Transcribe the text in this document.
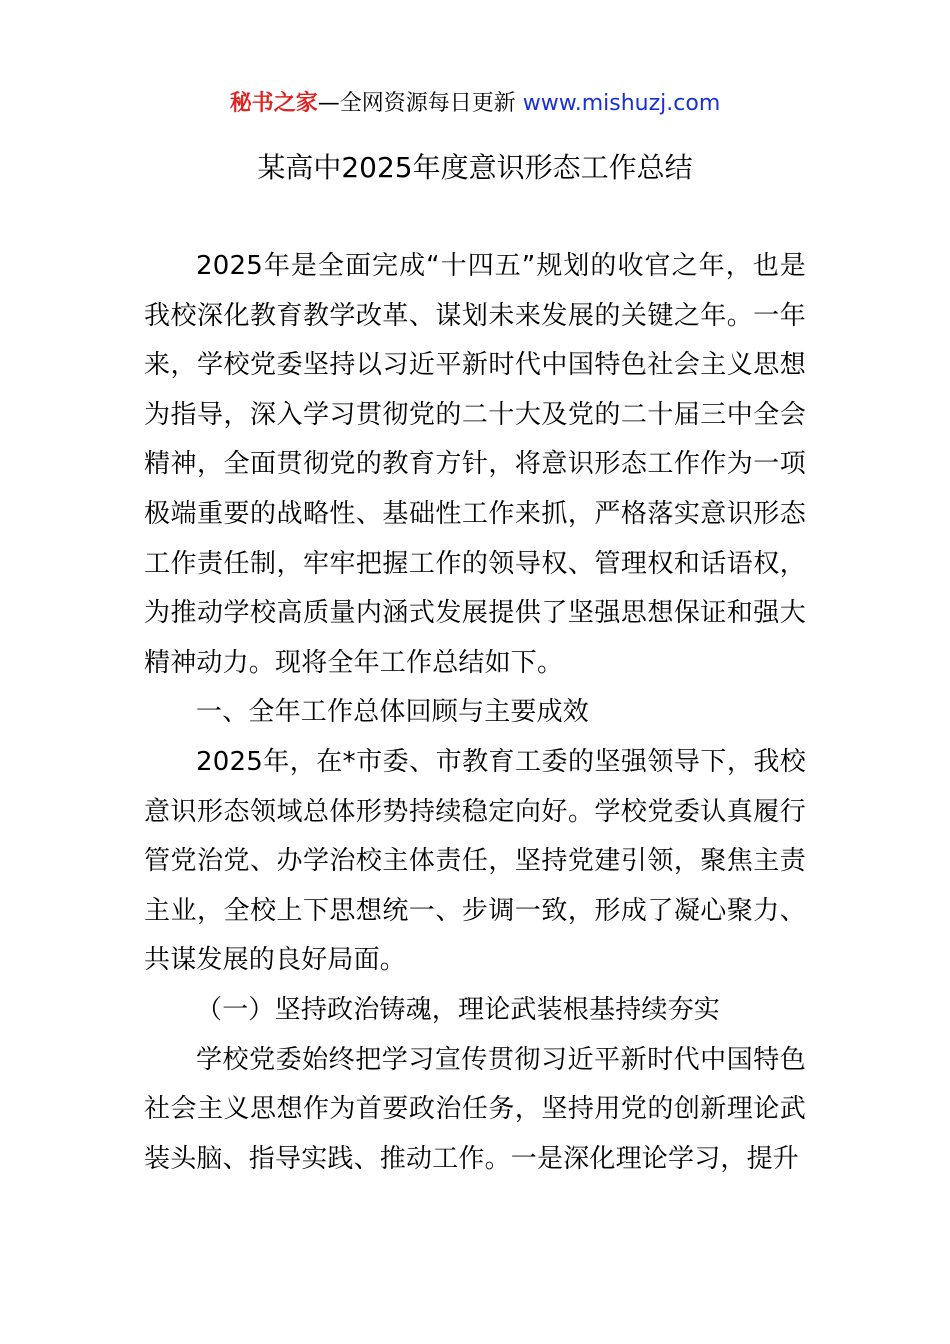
秘书之家—全网资源每日更新 www.mishuzj.com
某高中2025年度意识形态工作总结

2025年是全面完成“十四五”规划的收官之年，也是我校深化教育教学改革、谋划未来发展的关键之年。一年来，学校党委坚持以习近平新时代中国特色社会主义思想为指导，深入学习贯彻党的二十大及党的二十届三中全会精神，全面贯彻党的教育方针，将意识形态工作作为一项极端重要的战略性、基础性工作来抓，严格落实意识形态工作责任制，牢牢把握工作的领导权、管理权和话语权，为推动学校高质量内涵式发展提供了坚强思想保证和强大精神动力。现将全年工作总结如下。

一、全年工作总体回顾与主要成效

2025年，在*市委、市教育工委的坚强领导下，我校意识形态领域总体形势持续稳定向好。学校党委认真履行管党治党、办学治校主体责任，坚持党建引领，聚焦主责主业，全校上下思想统一、步调一致，形成了凝心聚力、共谋发展的良好局面。

（一）坚持政治铸魂，理论武装根基持续夯实

学校党委始终把学习宣传贯彻习近平新时代中国特色社会主义思想作为首要政治任务，坚持用党的创新理论武装头脑、指导实践、推动工作。一是深化理论学习，提升
